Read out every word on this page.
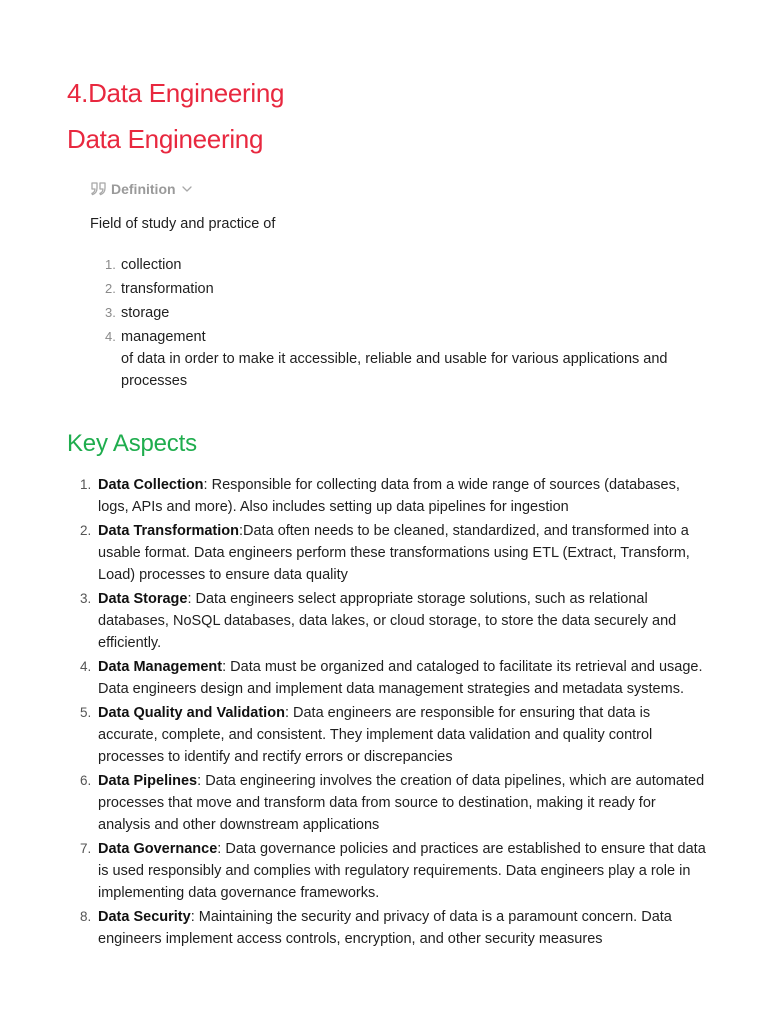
4.Data Engineering
Data Engineering
Definition
Field of study and practice of
1. collection
2. transformation
3. storage
4. management
of data in order to make it accessible, reliable and usable for various applications and processes
Key Aspects
1. Data Collection: Responsible for collecting data from a wide range of sources (databases, logs, APIs and more). Also includes setting up data pipelines for ingestion
2. Data Transformation:Data often needs to be cleaned, standardized, and transformed into a usable format. Data engineers perform these transformations using ETL (Extract, Transform, Load) processes to ensure data quality
3. Data Storage: Data engineers select appropriate storage solutions, such as relational databases, NoSQL databases, data lakes, or cloud storage, to store the data securely and efficiently.
4. Data Management: Data must be organized and cataloged to facilitate its retrieval and usage. Data engineers design and implement data management strategies and metadata systems.
5. Data Quality and Validation: Data engineers are responsible for ensuring that data is accurate, complete, and consistent. They implement data validation and quality control processes to identify and rectify errors or discrepancies
6. Data Pipelines: Data engineering involves the creation of data pipelines, which are automated processes that move and transform data from source to destination, making it ready for analysis and other downstream applications
7. Data Governance: Data governance policies and practices are established to ensure that data is used responsibly and complies with regulatory requirements. Data engineers play a role in implementing data governance frameworks.
8. Data Security: Maintaining the security and privacy of data is a paramount concern. Data engineers implement access controls, encryption, and other security measures
